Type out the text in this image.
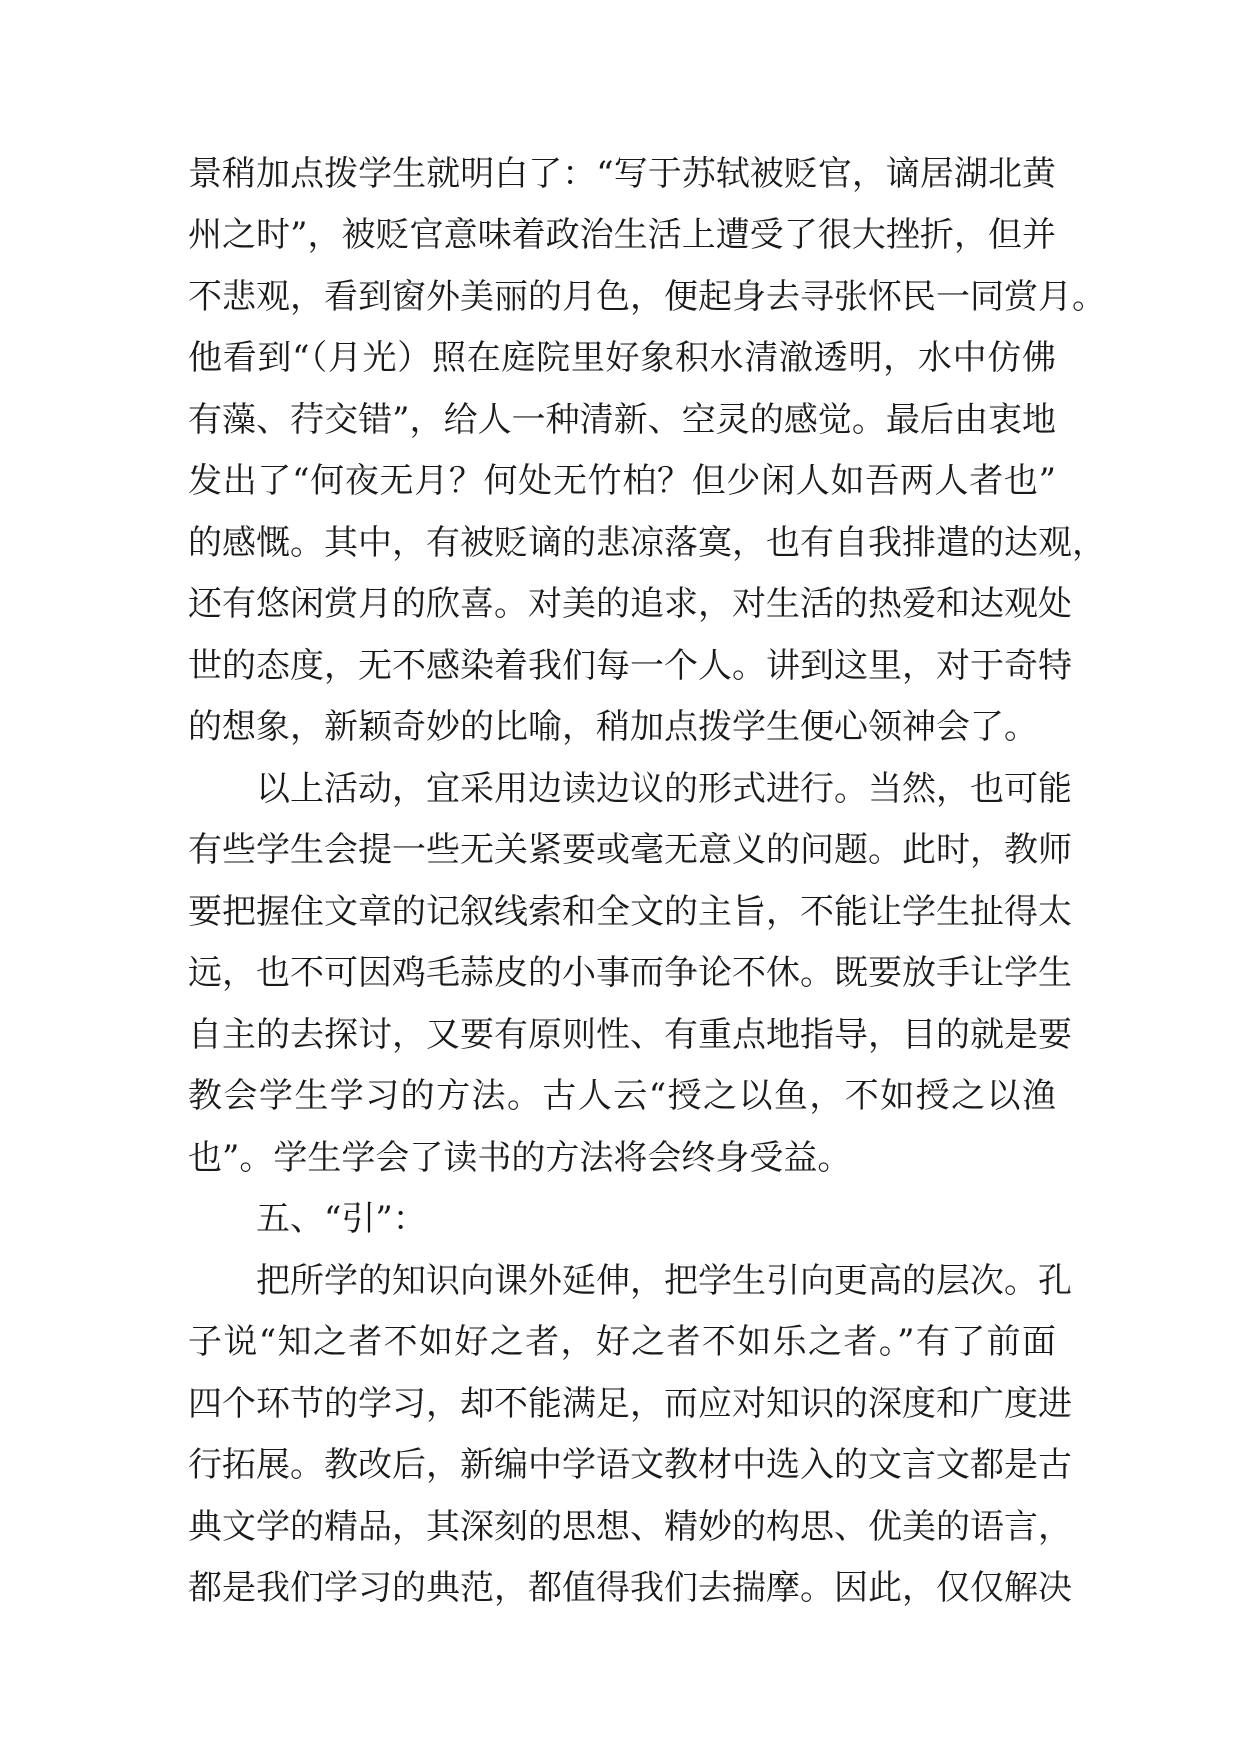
景稍加点拨学生就明白了：“写于苏轼被贬官，谪居湖北黄
州之时”，被贬官意味着政治生活上遭受了很大挫折，但并
不悲观，看到窗外美丽的月色，便起身去寻张怀民一同赏月。
他看到“（月光）照在庭院里好象积水清澈透明，水中仿佛
有藻、荇交错”，给人一种清新、空灵的感觉。最后由衷地
发出了“何夜无月？何处无竹柏？但少闲人如吾两人者也”
的感慨。其中，有被贬谪的悲凉落寞，也有自我排遣的达观，
还有悠闲赏月的欣喜。对美的追求，对生活的热爱和达观处
世的态度，无不感染着我们每一个人。讲到这里，对于奇特
的想象，新颖奇妙的比喻，稍加点拨学生便心领神会了。
以上活动，宜采用边读边议的形式进行。当然，也可能
有些学生会提一些无关紧要或毫无意义的问题。此时，教师
要把握住文章的记叙线索和全文的主旨，不能让学生扯得太
远，也不可因鸡毛蒜皮的小事而争论不休。既要放手让学生
自主的去探讨，又要有原则性、有重点地指导，目的就是要
教会学生学习的方法。古人云“授之以鱼，不如授之以渔
也”。学生学会了读书的方法将会终身受益。
五、“引”：
把所学的知识向课外延伸，把学生引向更高的层次。孔
子说“知之者不如好之者，好之者不如乐之者。”有了前面
四个环节的学习，却不能满足，而应对知识的深度和广度进
行拓展。教改后，新编中学语文教材中选入的文言文都是古
典文学的精品，其深刻的思想、精妙的构思、优美的语言，
都是我们学习的典范，都值得我们去揣摩。因此，仅仅解决
